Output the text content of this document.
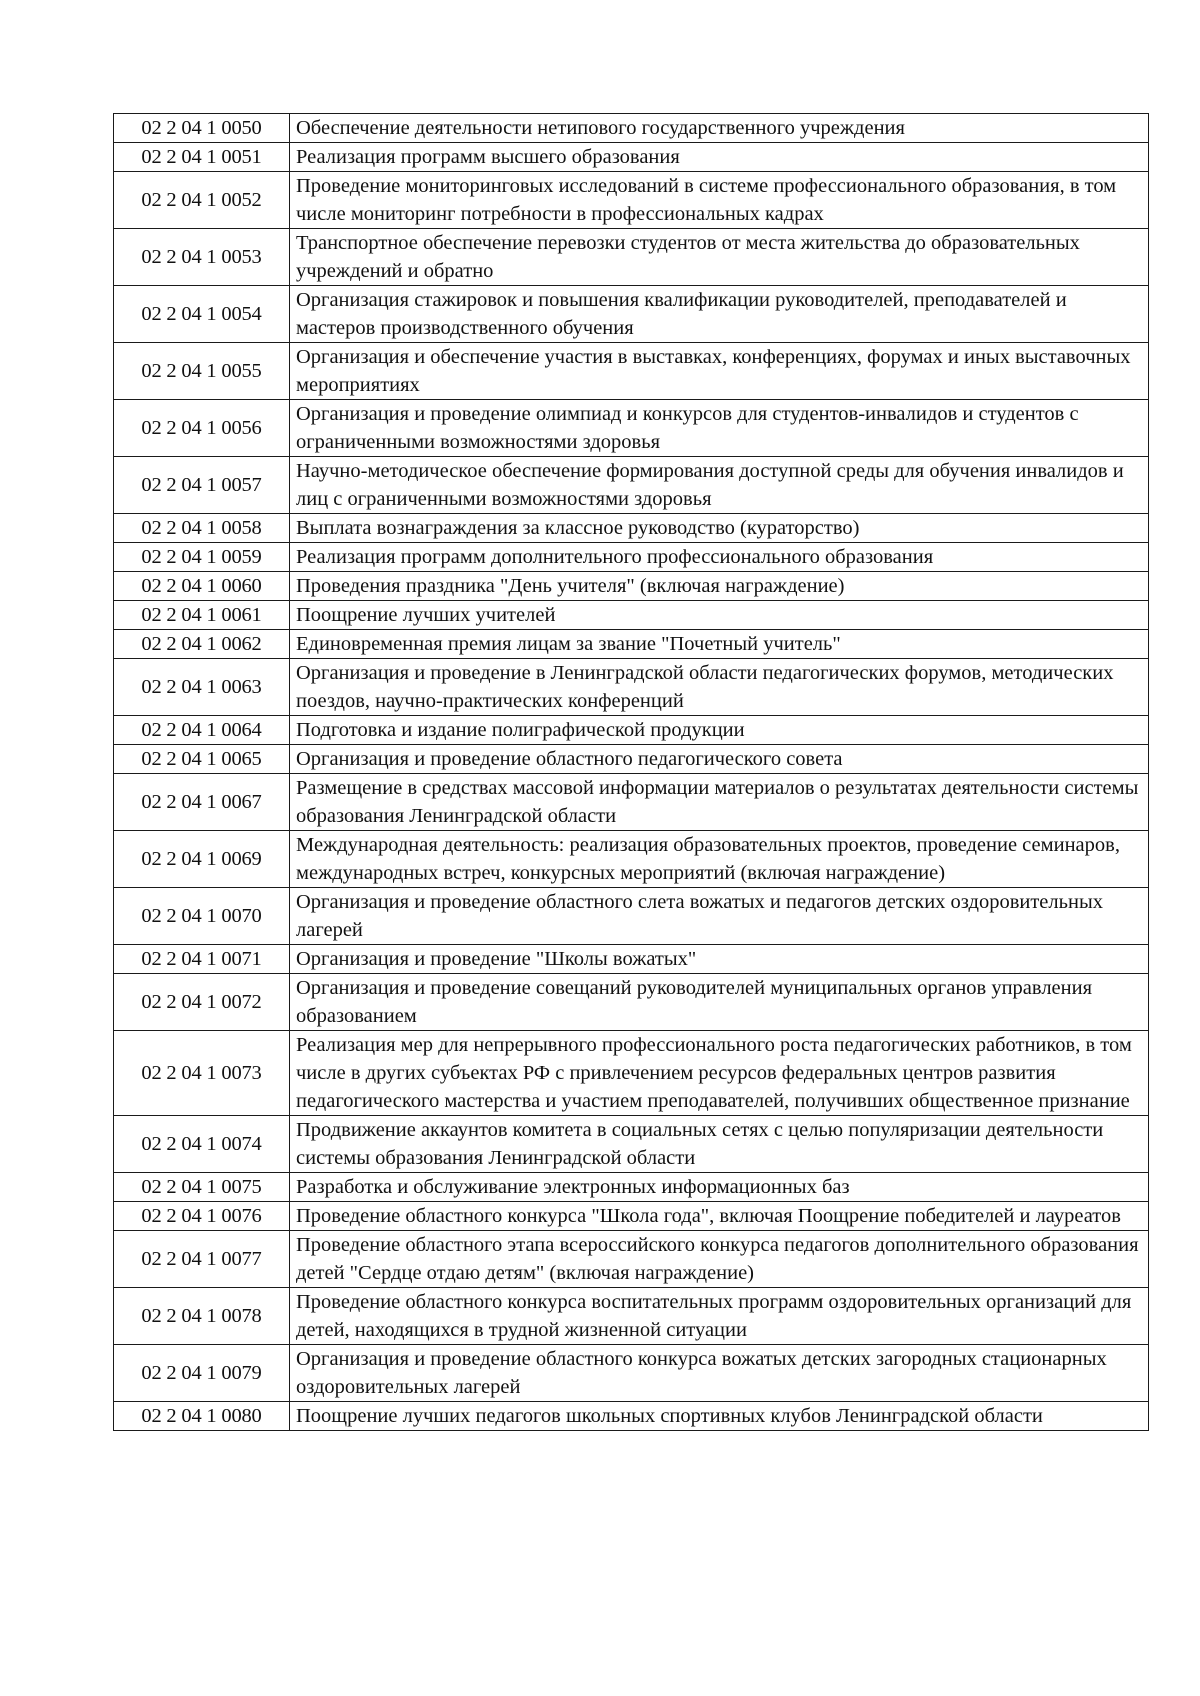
02 2 04 1 0050	Обеспечение деятельности нетипового государственного учреждения
02 2 04 1 0051	Реализация программ высшего образования
02 2 04 1 0052	Проведение мониторинговых исследований в системе профессионального образования, в том числе мониторинг потребности в профессиональных кадрах
02 2 04 1 0053	Транспортное обеспечение перевозки студентов от места жительства до образовательных учреждений и обратно
02 2 04 1 0054	Организация стажировок и повышения квалификации руководителей, преподавателей и мастеров производственного обучения
02 2 04 1 0055	Организация и обеспечение участия в выставках, конференциях, форумах и иных выставочных мероприятиях
02 2 04 1 0056	Организация и проведение олимпиад и конкурсов для студентов-инвалидов и студентов с ограниченными возможностями здоровья
02 2 04 1 0057	Научно-методическое обеспечение формирования доступной среды для обучения инвалидов и лиц с ограниченными возможностями здоровья
02 2 04 1 0058	Выплата вознаграждения за классное руководство (кураторство)
02 2 04 1 0059	Реализация программ дополнительного профессионального образования
02 2 04 1 0060	Проведения праздника "День учителя" (включая награждение)
02 2 04 1 0061	Поощрение лучших учителей
02 2 04 1 0062	Единовременная премия лицам за звание "Почетный учитель"
02 2 04 1 0063	Организация и проведение в Ленинградской области педагогических форумов, методических поездов, научно-практических конференций
02 2 04 1 0064	Подготовка и издание полиграфической продукции
02 2 04 1 0065	Организация и проведение областного педагогического совета
02 2 04 1 0067	Размещение в средствах массовой информации материалов о результатах деятельности системы образования Ленинградской области
02 2 04 1 0069	Международная деятельность: реализация образовательных проектов, проведение семинаров, международных встреч, конкурсных мероприятий (включая награждение)
02 2 04 1 0070	Организация и проведение областного слета вожатых и педагогов детских оздоровительных лагерей
02 2 04 1 0071	Организация и проведение "Школы вожатых"
02 2 04 1 0072	Организация и проведение совещаний руководителей муниципальных органов управления образованием
02 2 04 1 0073	Реализация мер для непрерывного профессионального роста педагогических работников, в том числе в других субъектах РФ с привлечением ресурсов федеральных центров развития педагогического мастерства и участием преподавателей, получивших общественное признание
02 2 04 1 0074	Продвижение аккаунтов комитета в социальных сетях с целью популяризации деятельности системы образования Ленинградской области
02 2 04 1 0075	Разработка и обслуживание электронных информационных баз
02 2 04 1 0076	Проведение областного конкурса "Школа года", включая Поощрение победителей и лауреатов
02 2 04 1 0077	Проведение областного этапа всероссийского конкурса педагогов дополнительного образования детей "Сердце отдаю детям" (включая награждение)
02 2 04 1 0078	Проведение областного конкурса воспитательных программ оздоровительных организаций для детей, находящихся в трудной жизненной ситуации
02 2 04 1 0079	Организация и проведение областного конкурса вожатых детских загородных стационарных оздоровительных лагерей
02 2 04 1 0080	Поощрение лучших педагогов школьных спортивных клубов Ленинградской области
